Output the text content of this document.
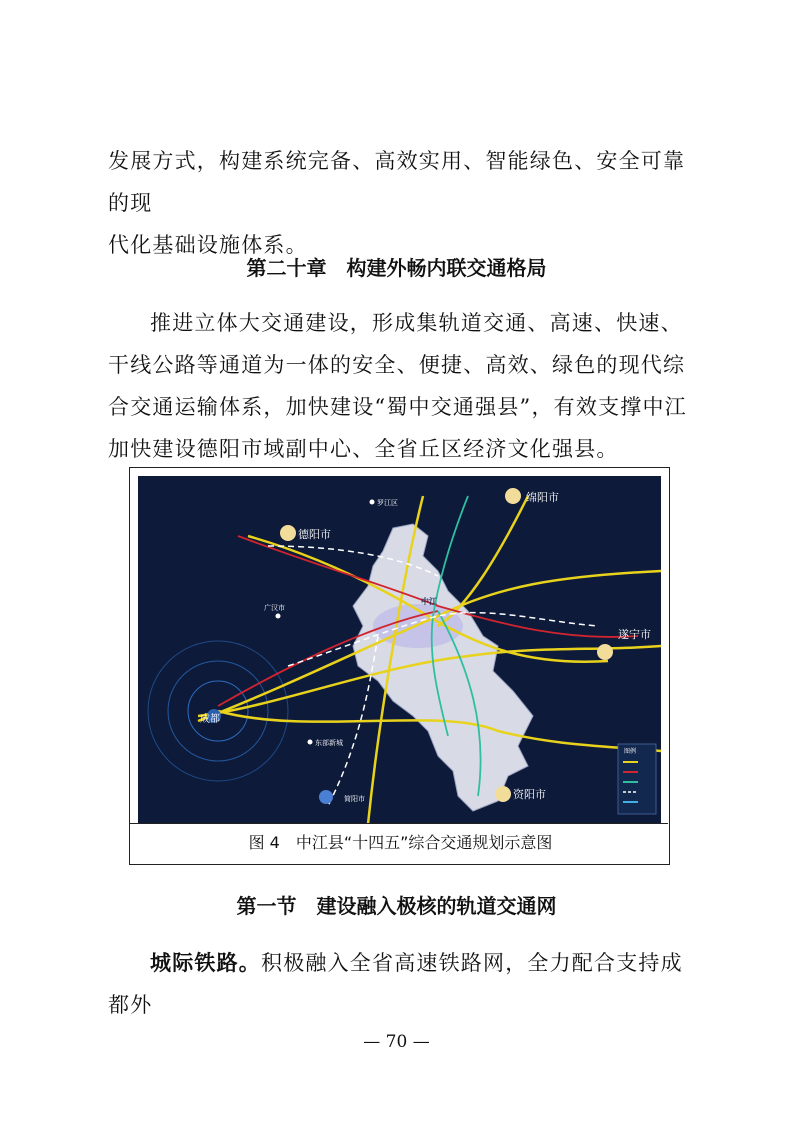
发展方式，构建系统完备、高效实用、智能绿色、安全可靠的现
代化基础设施体系。

第二十章　构建外畅内联交通格局

推进立体大交通建设，形成集轨道交通、高速、快速、干线公路等通道为一体的安全、便捷、高效、绿色的现代综合交通运输体系，加快建设“蜀中交通强县”，有效支撑中江加快建设德阳市域副中心、全省丘区经济文化强县。

绵阳市
德阳市
罗江区
广汉市
中江
遂宁市
成都
资阳市
简阳市
东部新城
图例
图 4　中江县“十四五”综合交通规划示意图
第一节　建设融入极核的轨道交通网

城际铁路。积极融入全省高速铁路网，全力配合支持成都外

— 70 —
